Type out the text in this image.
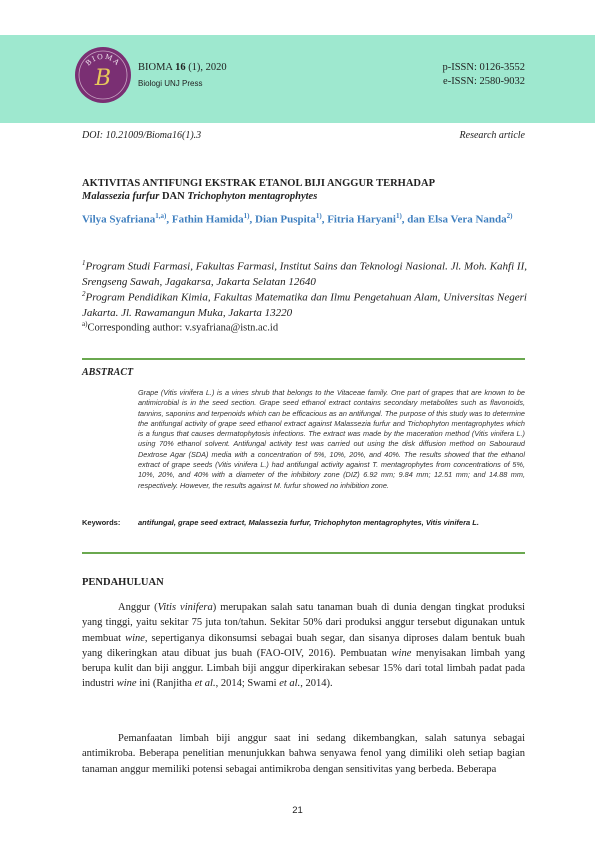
BIOMA
B	BIOMA 16 (1), 2020
Biologi UNJ Press
p-ISSN: 0126-3552
e-ISSN: 2580-9032
DOI: 10.21009/Bioma16(1).3	Research article
AKTIVITAS ANTIFUNGI EKSTRAK ETANOL BIJI ANGGUR TERHADAP
Malassezia furfur DAN Trichophyton mentagrophytes
Vilya Syafriana$^{1,a)}$, Fathin Hamida$^{1)}$, Dian Puspita$^{1)}$, Fitria Haryani$^{1)}$, dan Elsa Vera Nanda$^{2)}$
$^1$Program Studi Farmasi, Fakultas Farmasi, Institut Sains dan Teknologi Nasional. Jl. Moh. Kahfi II, Srengseng Sawah, Jagakarsa, Jakarta Selatan 12640
$^2$Program Pendidikan Kimia, Fakultas Matematika dan Ilmu Pengetahuan Alam, Universitas Negeri Jakarta. Jl. Rawamangun Muka, Jakarta 13220
$^{a)}$Corresponding author: v.syafriana@istn.ac.id
ABSTRACT
Grape (Vitis vinifera L.) is a vines shrub that belongs to the Vitaceae family. One part of grapes that are known to be antimicrobial is in the seed section. Grape seed ethanol extract contains secondary metabolites such as flavonoids, tannins, saponins and terpenoids which can be efficacious as an antifungal. The purpose of this study was to determine the antifungal activity of grape seed ethanol extract against Malassezia furfur and Trichophyton mentagrophytes which is a fungus that causes dermatophytosis infections. The extract was made by the maceration method (Vitis vinifera L.) using 70% ethanol solvent. Antifungal activity test was carried out using the disk diffusion method on Sabouraud Dextrose Agar (SDA) media with a concentration of 5%, 10%, 20%, and 40%. The results showed that the ethanol extract of grape seeds (Vitis vinifera L.) had antifungal activity against T. mentagrophytes from concentrations of 5%, 10%, 20%, and 40% with a diameter of the inhibitory zone (DIZ) 6.92 mm; 9.84 mm; 12.51 mm; and 14.88 mm, respectively. However, the results against M. furfur showed no inhibition zone.
Keywords: antifungal, grape seed extract, Malassezia furfur, Trichophyton mentagrophytes, Vitis vinifera L.
PENDAHULUAN
Anggur (Vitis vinifera) merupakan salah satu tanaman buah di dunia dengan tingkat produksi yang tinggi, yaitu sekitar 75 juta ton/tahun. Sekitar 50% dari produksi anggur tersebut digunakan untuk membuat wine, sepertiganya dikonsumsi sebagai buah segar, dan sisanya diproses dalam bentuk buah yang dikeringkan atau dibuat jus buah (FAO-OIV, 2016). Pembuatan wine menyisakan limbah yang berupa kulit dan biji anggur. Limbah biji anggur diperkirakan sebesar 15% dari total limbah padat pada industri wine ini (Ranjitha et al., 2014; Swami et al., 2014).
Pemanfaatan limbah biji anggur saat ini sedang dikembangkan, salah satunya sebagai antimikroba. Beberapa penelitian menunjukkan bahwa senyawa fenol yang dimiliki oleh setiap bagian tanaman anggur memiliki potensi sebagai antimikroba dengan sensitivitas yang berbeda. Beberapa
21
